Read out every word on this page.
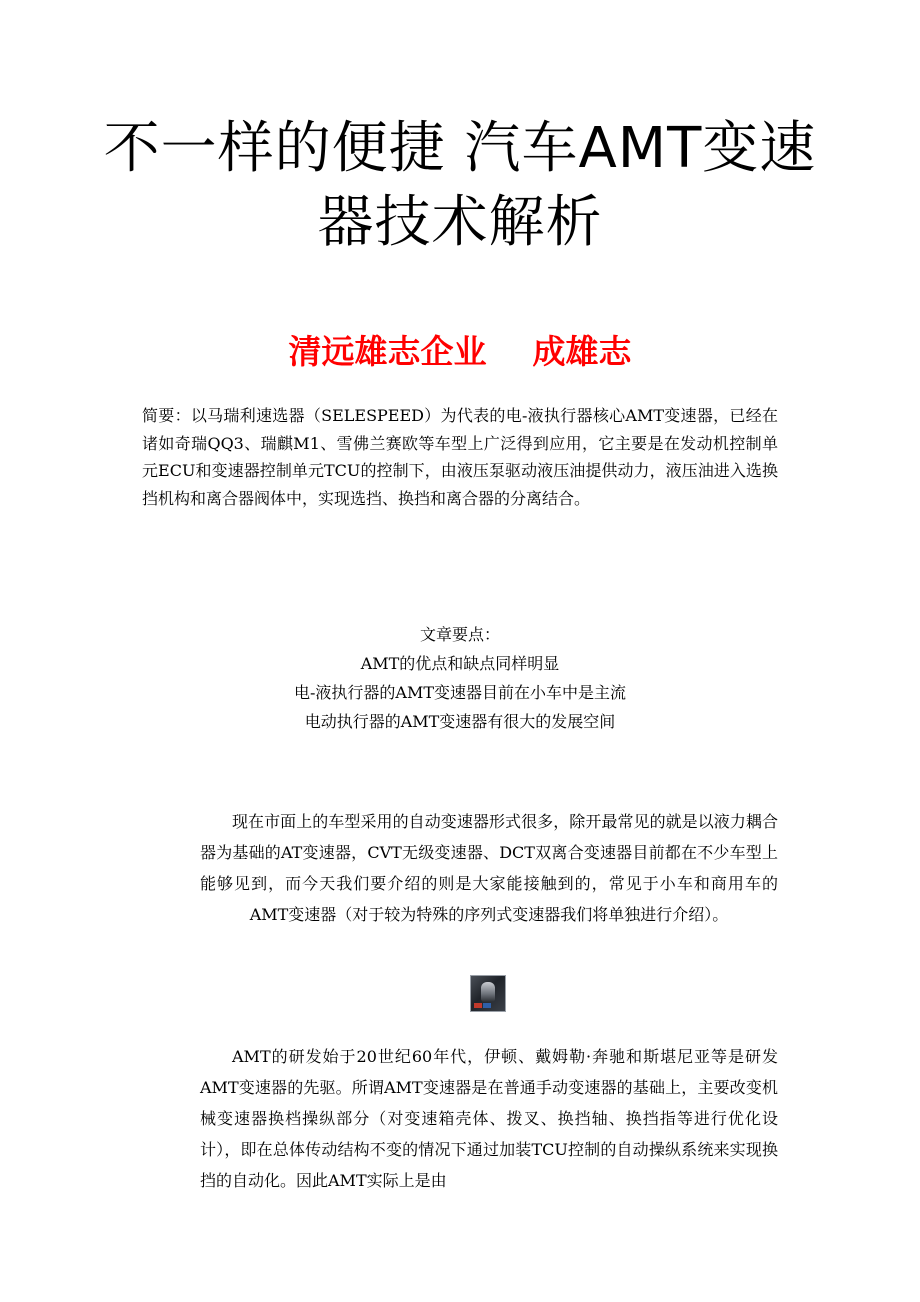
不一样的便捷 汽车AMT变速器技术解析
清远雄志企业    成雄志
简要：以马瑞利速选器（SELESPEED）为代表的电-液执行器核心AMT变速器，已经在诸如奇瑞QQ3、瑞麒M1、雪佛兰赛欧等车型上广泛得到应用，它主要是在发动机控制单元ECU和变速器控制单元TCU的控制下，由液压泵驱动液压油提供动力，液压油进入选换挡机构和离合器阀体中，实现选挡、换挡和离合器的分离结合。
文章要点：
AMT的优点和缺点同样明显
电-液执行器的AMT变速器目前在小车中是主流
电动执行器的AMT变速器有很大的发展空间
现在市面上的车型采用的自动变速器形式很多，除开最常见的就是以液力耦合器为基础的AT变速器，CVT无级变速器、DCT双离合变速器目前都在不少车型上能够见到，而今天我们要介绍的则是大家能接触到的，常见于小车和商用车的AMT变速器（对于较为特殊的序列式变速器我们将单独进行介绍）。
AMT的研发始于20世纪60年代，伊顿、戴姆勒·奔驰和斯堪尼亚等是研发AMT变速器的先驱。所谓AMT变速器是在普通手动变速器的基础上，主要改变机械变速器换档操纵部分（对变速箱壳体、拨叉、换挡轴、换挡指等进行优化设计），即在总体传动结构不变的情况下通过加装TCU控制的自动操纵系统来实现换挡的自动化。因此AMT实际上是由
